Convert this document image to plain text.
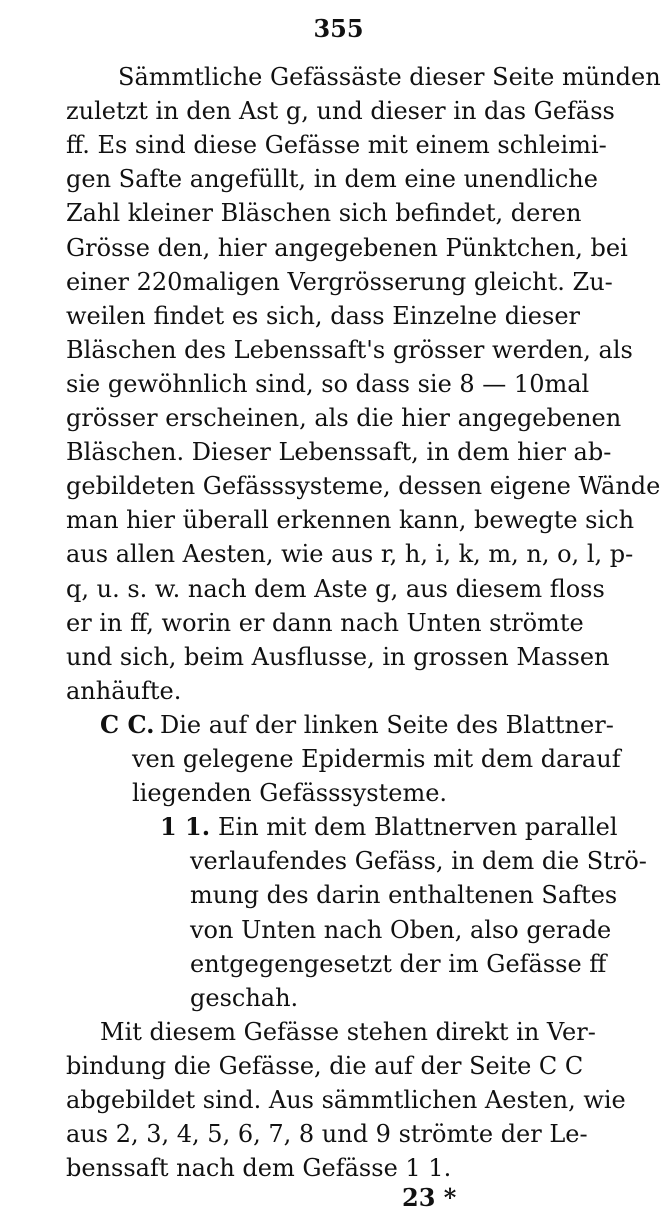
355
Sämmtliche Gefässäste dieser Seite münden
zuletzt in den Ast g, und dieser in das Gefäss
ff. Es sind diese Gefässe mit einem schleimi-
gen Safte angefüllt, in dem eine unendliche
Zahl kleiner Bläschen sich befindet, deren
Grösse den, hier angegebenen Pünktchen, bei
einer 220maligen Vergrösserung gleicht. Zu-
weilen findet es sich, dass Einzelne dieser
Bläschen des Lebenssaft's grösser werden, als
sie gewöhnlich sind, so dass sie 8 — 10mal
grösser erscheinen, als die hier angegebenen
Bläschen. Dieser Lebenssaft, in dem hier ab-
gebildeten Gefässsysteme, dessen eigene Wände
man hier überall erkennen kann, bewegte sich
aus allen Aesten, wie aus r, h, i, k, m, n, o, l, p-
q, u. s. w. nach dem Aste g, aus diesem floss
er in ff, worin er dann nach Unten strömte
und sich, beim Ausflusse, in grossen Massen
anhäufte.
C C. Die auf der linken Seite des Blattner-
ven gelegene Epidermis mit dem darauf
liegenden Gefässsysteme.
1 1. Ein mit dem Blattnerven parallel
verlaufendes Gefäss, in dem die Strö-
mung des darin enthaltenen Saftes
von Unten nach Oben, also gerade
entgegengesetzt der im Gefässe ff
geschah.
Mit diesem Gefässe stehen direkt in Ver-
bindung die Gefässe, die auf der Seite C C
abgebildet sind. Aus sämmtlichen Aesten, wie
aus 2, 3, 4, 5, 6, 7, 8 und 9 strömte der Le-
benssaft nach dem Gefässe 1 1.
23 *
